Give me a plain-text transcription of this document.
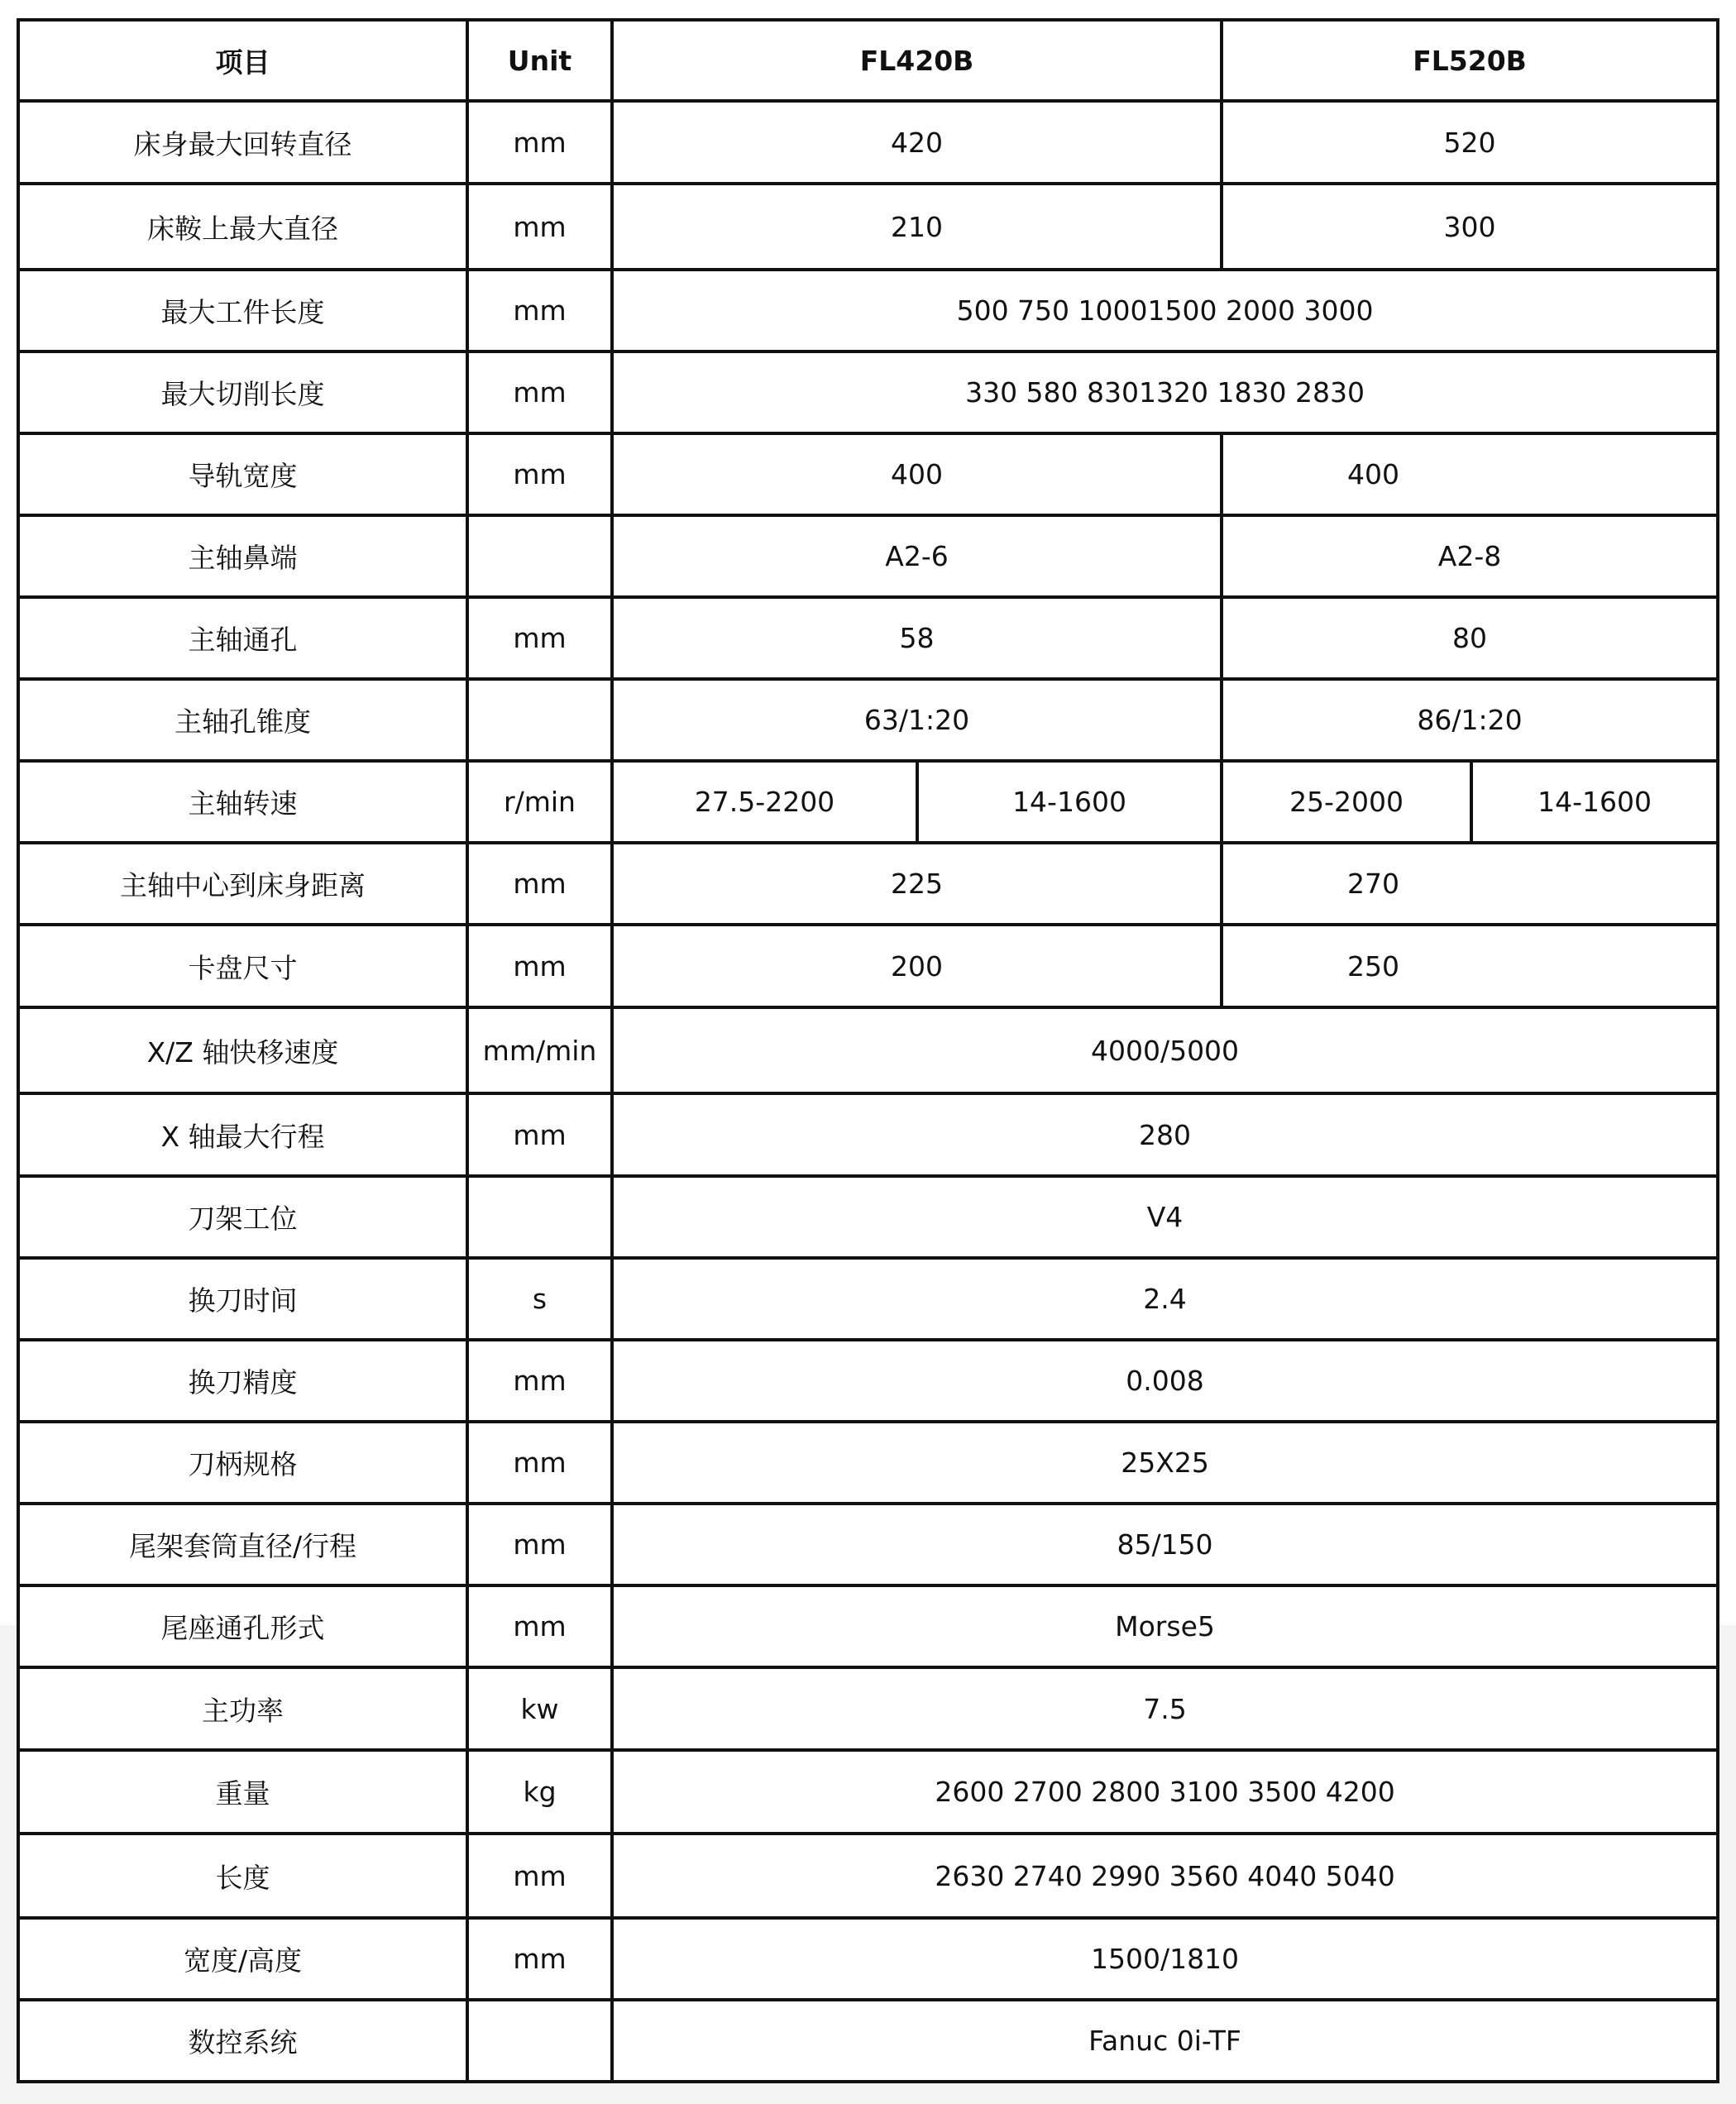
项目	Unit	FL420B		FL520B	
床身最大回转直径	mm	420		520	
床鞍上最大直径	mm	210		300	
最大工件长度	mm	500 750 10001500 2000 3000			
最大切削长度	mm	330 580 8301320 1830 2830			
导轨宽度	mm	400		400	
主轴鼻端		A2-6		A2-8	
主轴通孔	mm	58		80	
主轴孔锥度		63/1:20		86/1:20	
主轴转速	r/min	27.5-2200	14-1600	25-2000	14-1600
主轴中心到床身距离	mm	225		270	
卡盘尺寸	mm	200		250	
X/Z 轴快移速度	mm/min	4000/5000			
X 轴最大行程	mm	280			
刀架工位		V4			
换刀时间	s	2.4			
换刀精度	mm	0.008			
刀柄规格	mm	25X25			
尾架套筒直径/行程	mm	85/150			
尾座通孔形式	mm	Morse5			
主功率	kw	7.5			
重量	kg	2600 2700 2800 3100 3500 4200			
长度	mm	2630 2740 2990 3560 4040 5040			
宽度/高度	mm	1500/1810			
数控系统		Fanuc 0i-TF			
